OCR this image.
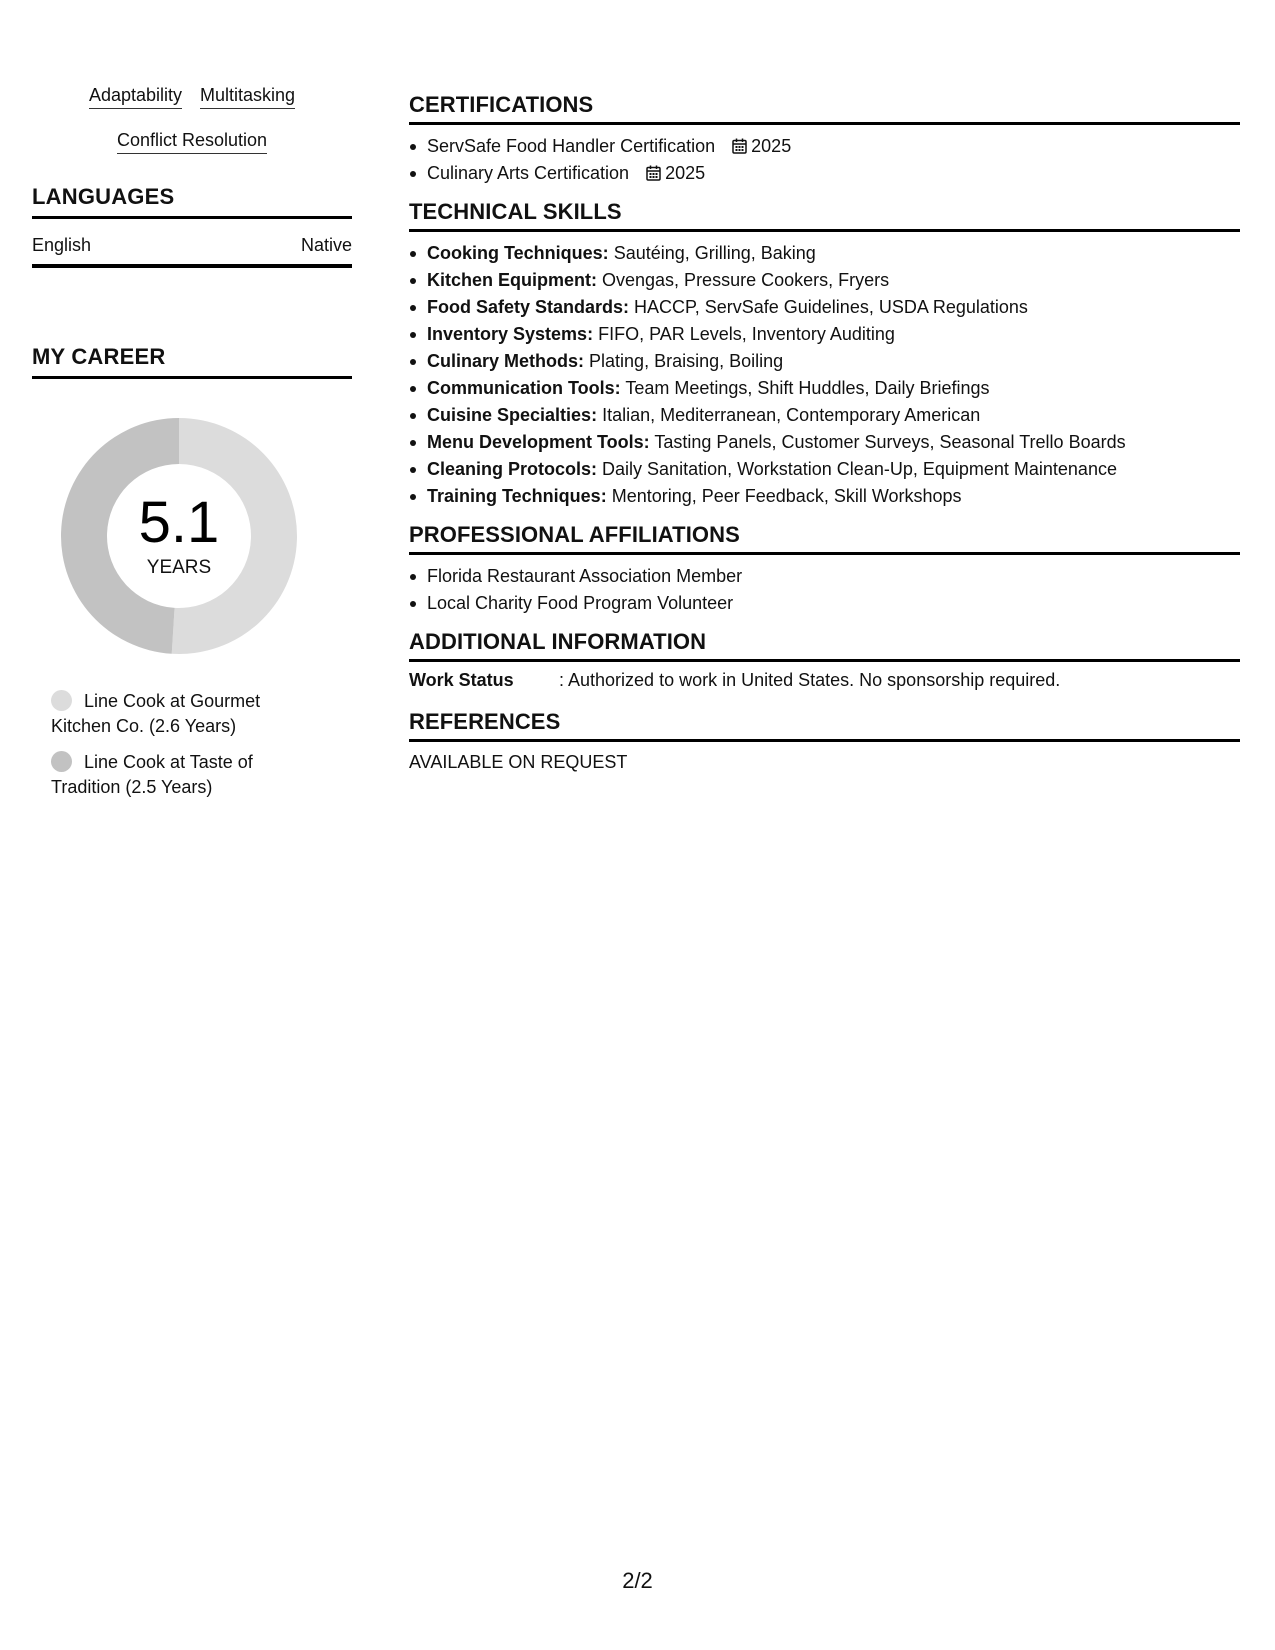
Adaptability Multitasking
Conflict Resolution
LANGUAGES
English	Native
MY CAREER
5.1
YEARS
Line Cook at Gourmet Kitchen Co. (2.6 Years)
Line Cook at Taste of Tradition (2.5 Years)
CERTIFICATIONS
ServSafe Food Handler Certification 2025
Culinary Arts Certification 2025
TECHNICAL SKILLS
Cooking Techniques: Sautéing, Grilling, Baking
Kitchen Equipment: Ovengas, Pressure Cookers, Fryers
Food Safety Standards: HACCP, ServSafe Guidelines, USDA Regulations
Inventory Systems: FIFO, PAR Levels, Inventory Auditing
Culinary Methods: Plating, Braising, Boiling
Communication Tools: Team Meetings, Shift Huddles, Daily Briefings
Cuisine Specialties: Italian, Mediterranean, Contemporary American
Menu Development Tools: Tasting Panels, Customer Surveys, Seasonal Trello Boards
Cleaning Protocols: Daily Sanitation, Workstation Clean-Up, Equipment Maintenance
Training Techniques: Mentoring, Peer Feedback, Skill Workshops
PROFESSIONAL AFFILIATIONS
Florida Restaurant Association Member
Local Charity Food Program Volunteer
ADDITIONAL INFORMATION
Work Status	: Authorized to work in United States. No sponsorship required.
REFERENCES
AVAILABLE ON REQUEST
2/2
